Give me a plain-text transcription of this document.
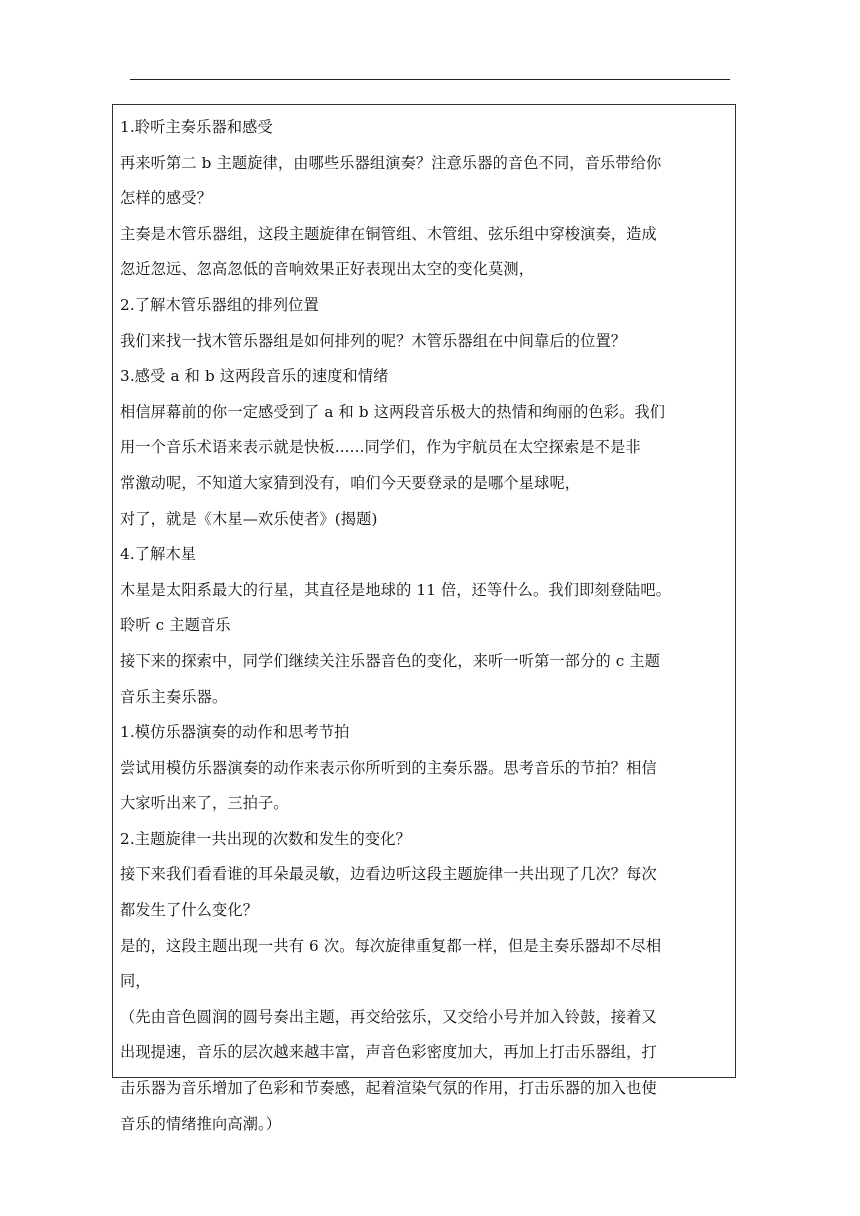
1.聆听主奏乐器和感受
再来听第二 b 主题旋律，由哪些乐器组演奏？注意乐器的音色不同，音乐带给你
怎样的感受？
主奏是木管乐器组，这段主题旋律在铜管组、木管组、弦乐组中穿梭演奏，造成
忽近忽远、忽高忽低的音响效果正好表现出太空的变化莫测，
2.了解木管乐器组的排列位置
我们来找一找木管乐器组是如何排列的呢？木管乐器组在中间靠后的位置？
3.感受 a 和 b 这两段音乐的速度和情绪
相信屏幕前的你一定感受到了 a 和 b 这两段音乐极大的热情和绚丽的色彩。我们
用一个音乐术语来表示就是快板......同学们，作为宇航员在太空探索是不是非
常激动呢，不知道大家猜到没有，咱们今天要登录的是哪个星球呢，
对了，就是《木星—欢乐使者》(揭题)
4.了解木星
木星是太阳系最大的行星，其直径是地球的 11 倍，还等什么。我们即刻登陆吧。
聆听 c 主题音乐
接下来的探索中，同学们继续关注乐器音色的变化，来听一听第一部分的 c 主题
音乐主奏乐器。
1.模仿乐器演奏的动作和思考节拍
尝试用模仿乐器演奏的动作来表示你所听到的主奏乐器。思考音乐的节拍？相信
大家听出来了，三拍子。
2.主题旋律一共出现的次数和发生的变化？
接下来我们看看谁的耳朵最灵敏，边看边听这段主题旋律一共出现了几次？每次
都发生了什么变化？
是的，这段主题出现一共有 6 次。每次旋律重复都一样，但是主奏乐器却不尽相
同，
（先由音色圆润的圆号奏出主题，再交给弦乐，又交给小号并加入铃鼓，接着又
出现提速，音乐的层次越来越丰富，声音色彩密度加大，再加上打击乐器组，打
击乐器为音乐增加了色彩和节奏感，起着渲染气氛的作用，打击乐器的加入也使
音乐的情绪推向高潮。）
